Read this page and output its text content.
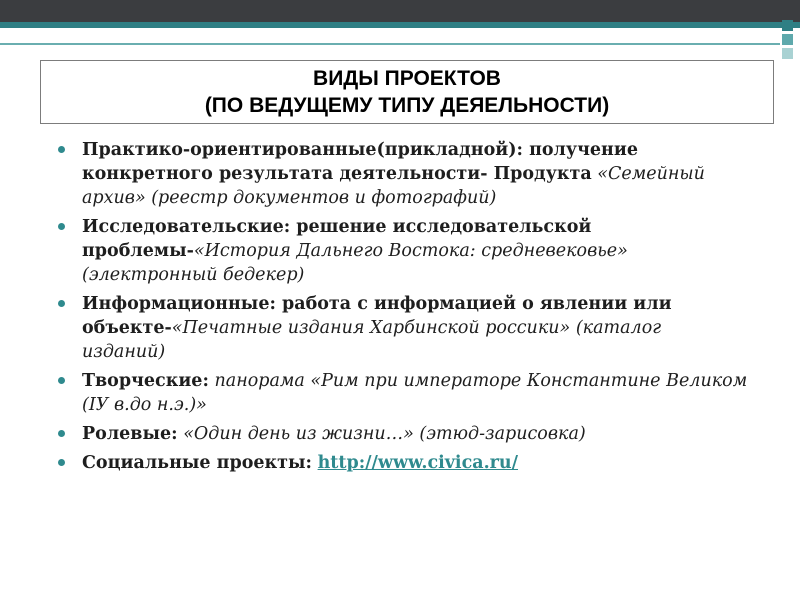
ВИДЫ ПРОЕКТОВ
(ПО ВЕДУЩЕМУ ТИПУ ДЕЯЕЛЬНОСТИ)
Практико-ориентированные(прикладной): получение конкретного результата деятельности- Продукта «Семейный архив» (реестр документов и фотографий)
Исследовательские: решение исследовательской проблемы-«История Дальнего Востока: средневековье» (электронный бедекер)
Информационные: работа с информацией о явлении или объекте-«Печатные издания Харбинской россики» (каталог изданий)
Творческие: панорама «Рим при императоре Константине Великом (IУ в.до н.э.)»
Ролевые: «Один день из жизни…» (этюд-зарисовка)
Социальные проекты: http://www.civica.ru/
